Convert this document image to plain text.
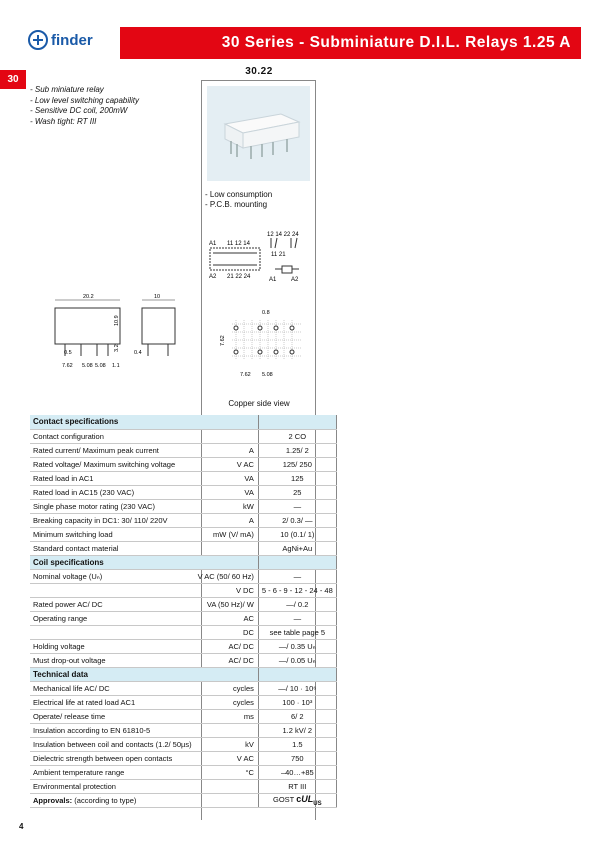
finder	30 Series - Subminiature D.I.L. Relays 1.25 A
30
- Sub miniature relay
- Low level switching capability
- Sensitive DC coil, 200mW
- Wash tight: RT III
30.22
- Low consumption
- P.C.B. mounting
A1 11 12 14
A2 21 22 24
12 14 22 24
11 21
A1 A2
20.2
10.9
3.2
0.5
7.62 5.08 5.08 1.1
10
0.4
0.8
7.62
7.62 5.08
Copper side view
Contact specifications		
Contact configuration		2 CO
Rated current/ Maximum peak current	A	1.25/ 2
Rated voltage/ Maximum switching voltage	V AC	125/ 250
Rated load in AC1	VA	125
Rated load in AC15 (230 VAC)	VA	25
Single phase motor rating (230 VAC)	kW	—
Breaking capacity in DC1: 30/ 110/ 220V	A	2/ 0.3/ —
Minimum switching load	mW (V/ mA)	10 (0.1/ 1)
Standard contact material		AgNi+Au
Coil specifications		
Nominal voltage (Uₙ)	V AC (50/ 60 Hz)	—
	V DC	5 - 6 - 9 - 12 - 24 - 48
Rated power AC/ DC	VA (50 Hz)/ W	—/ 0.2
Operating range	AC	—
	DC	see table page 5
Holding voltage	AC/ DC	—/ 0.35 Uₙ
Must drop-out voltage	AC/ DC	—/ 0.05 Uₙ
Technical data		
Mechanical life AC/ DC	cycles	—/ 10 · 10⁶
Electrical life at rated load AC1	cycles	100 · 10³
Operate/ release time	ms	6/ 2
Insulation according to EN 61810-5		1.2 kV/ 2
Insulation between coil and contacts (1.2/ 50µs)	kV	1.5
Dielectric strength between open contacts	V AC	750
Ambient temperature range	°C	–40…+85
Environmental protection		RT III
Approvals: (according to type)		GOST cUL$_{US}$
4
